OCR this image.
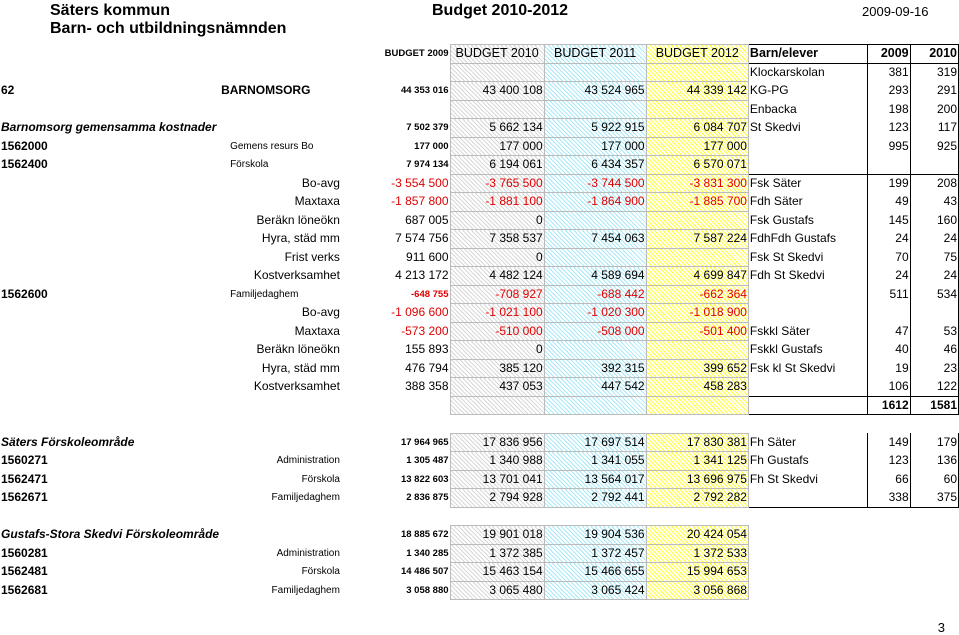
Säters kommun
Barn- och utbildningsnämnden
Budget 2010-2012	2009-09-16
		BUDGET 2009	BUDGET 2010	BUDGET 2011	BUDGET 2012	Barn/elever	2009	2010
						Klockarskolan	381	319
62	BARNOMSORG	44 353 016	43 400 108	43 524 965	44 339 142	KG-PG	293	291
						Enbacka	198	200
Barnomsorg gemensamma kostnader		7 502 379	5 662 134	5 922 915	6 084 707	St Skedvi	123	117
1562000	Gemens resurs Bo	177 000	177 000	177 000	177 000		995	925
1562400	Förskola	7 974 134	6 194 061	6 434 357	6 570 071			
	Bo-avg	-3 554 500	-3 765 500	-3 744 500	-3 831 300	Fsk Säter	199	208
	Maxtaxa	-1 857 800	-1 881 100	-1 864 900	-1 885 700	Fdh Säter	49	43
	Beräkn löneökn	687 005	0			Fsk Gustafs	145	160
	Hyra, städ mm	7 574 756	7 358 537	7 454 063	7 587 224	FdhFdh Gustafs	24	24
	Frist verks	911 600	0			Fsk St Skedvi	70	75
	Kostverksamhet	4 213 172	4 482 124	4 589 694	4 699 847	Fdh St Skedvi	24	24
1562600	Familjedaghem	-648 755	-708 927	-688 442	-662 364		511	534
	Bo-avg	-1 096 600	-1 021 100	-1 020 300	-1 018 900			
	Maxtaxa	-573 200	-510 000	-508 000	-501 400	Fskkl Säter	47	53
	Beräkn löneökn	155 893	0			Fskkl Gustafs	40	46
	Hyra, städ mm	476 794	385 120	392 315	399 652	Fsk kl St Skedvi	19	23
	Kostverksamhet	388 358	437 053	447 542	458 283		106	122
							1612	1581

Säters Förskoleområde		17 964 965	17 836 956	17 697 514	17 830 381	Fh Säter	149	179
1560271	Administration	1 305 487	1 340 988	1 341 055	1 341 125	Fh Gustafs	123	136
1562471	Förskola	13 822 603	13 701 041	13 564 017	13 696 975	Fh St Skedvi	66	60
1562671	Familjedaghem	2 836 875	2 794 928	2 792 441	2 792 282		338	375

Gustafs-Stora Skedvi Förskoleområde		18 885 672	19 901 018	19 904 536	20 424 054			
1560281	Administration	1 340 285	1 372 385	1 372 457	1 372 533			
1562481	Förskola	14 486 507	15 463 154	15 466 655	15 994 653			
1562681	Familjedaghem	3 058 880	3 065 480	3 065 424	3 056 868			
3
